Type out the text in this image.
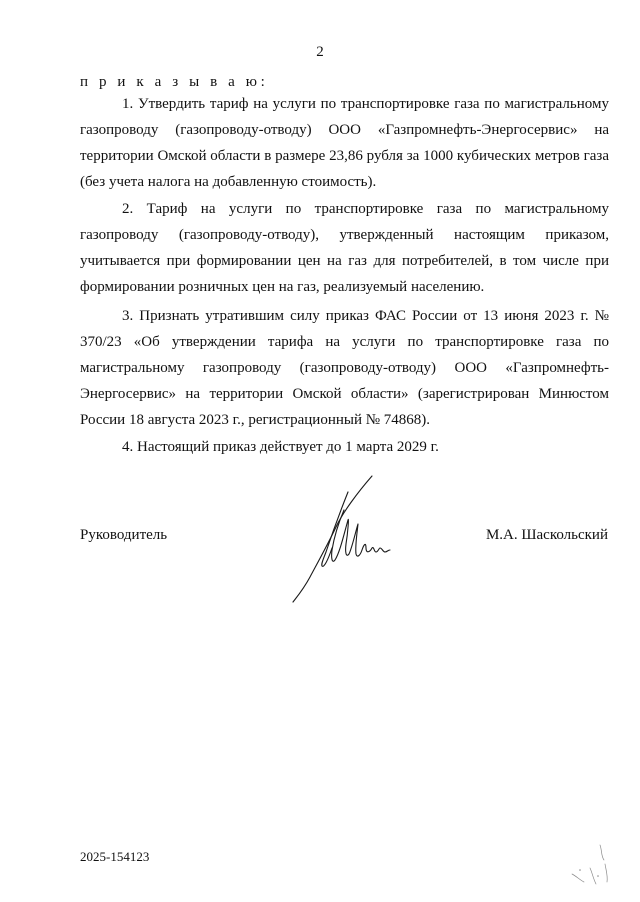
2
п р и к а з ы в а ю:

1. Утвердить тариф на услуги по транспортировке газа по магистральному газопроводу (газопроводу-отводу) ООО «Газпромнефть-Энергосервис» на территории Омской области в размере 23,86 рубля за 1000 кубических метров газа (без учета налога на добавленную стоимость).

2. Тариф на услуги по транспортировке газа по магистральному газопроводу (газопроводу-отводу), утвержденный настоящим приказом, учитывается при формировании цен на газ для потребителей, в том числе при формировании розничных цен на газ, реализуемый населению.

3. Признать утратившим силу приказ ФАС России от 13 июня 2023 г. № 370/23 «Об утверждении тарифа на услуги по транспортировке газа по магистральному газопроводу (газопроводу-отводу) ООО «Газпромнефть-Энергосервис» на территории Омской области» (зарегистрирован Минюстом России 18 августа 2023 г., регистрационный № 74868).

4. Настоящий приказ действует до 1 марта 2029 г.

Руководитель	М.А. Шаскольский
2025-154123
